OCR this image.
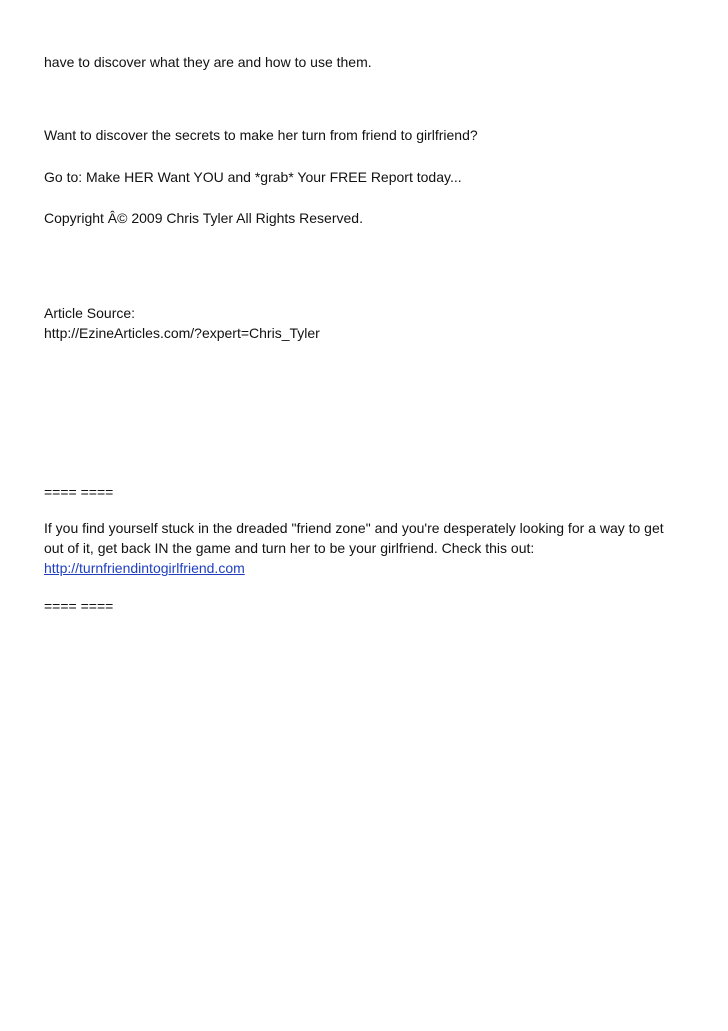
have to discover what they are and how to use them.

Want to discover the secrets to make her turn from friend to girlfriend?

Go to: Make HER Want YOU and *grab* Your FREE Report today...

Copyright Â© 2009 Chris Tyler All Rights Reserved.

Article Source:

http://EzineArticles.com/?expert=Chris_Tyler

==== ====

If you find yourself stuck in the dreaded "friend zone" and you're desperately looking for a way to get out of it, get back IN the game and turn her to be your girlfriend. Check this out:
http://turnfriendintogirlfriend.com

==== ====
